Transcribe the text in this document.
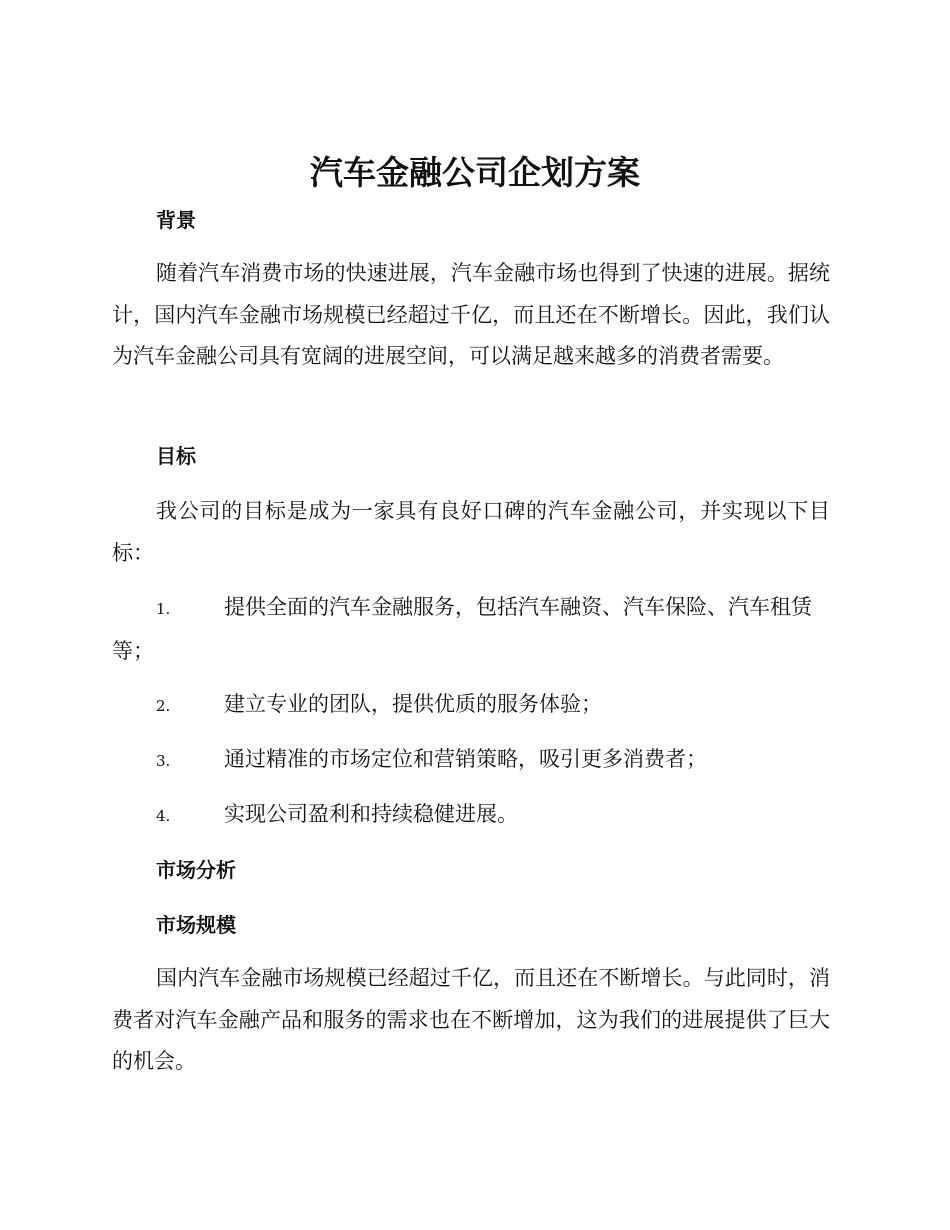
汽车金融公司企划方案
背景

随着汽车消费市场的快速进展，汽车金融市场也得到了快速的进展。据统计，国内汽车金融市场规模已经超过千亿，而且还在不断增长。因此，我们认为汽车金融公司具有宽阔的进展空间，可以满足越来越多的消费者需要。

目标

我公司的目标是成为一家具有良好口碑的汽车金融公司，并实现以下目标：

1.	提供全面的汽车金融服务，包括汽车融资、汽车保险、汽车租赁等；

2.	建立专业的团队，提供优质的服务体验；

3.	通过精准的市场定位和营销策略，吸引更多消费者；

4.	实现公司盈利和持续稳健进展。

市场分析
市场规模

国内汽车金融市场规模已经超过千亿，而且还在不断增长。与此同时，消费者对汽车金融产品和服务的需求也在不断增加，这为我们的进展提供了巨大的机会。
